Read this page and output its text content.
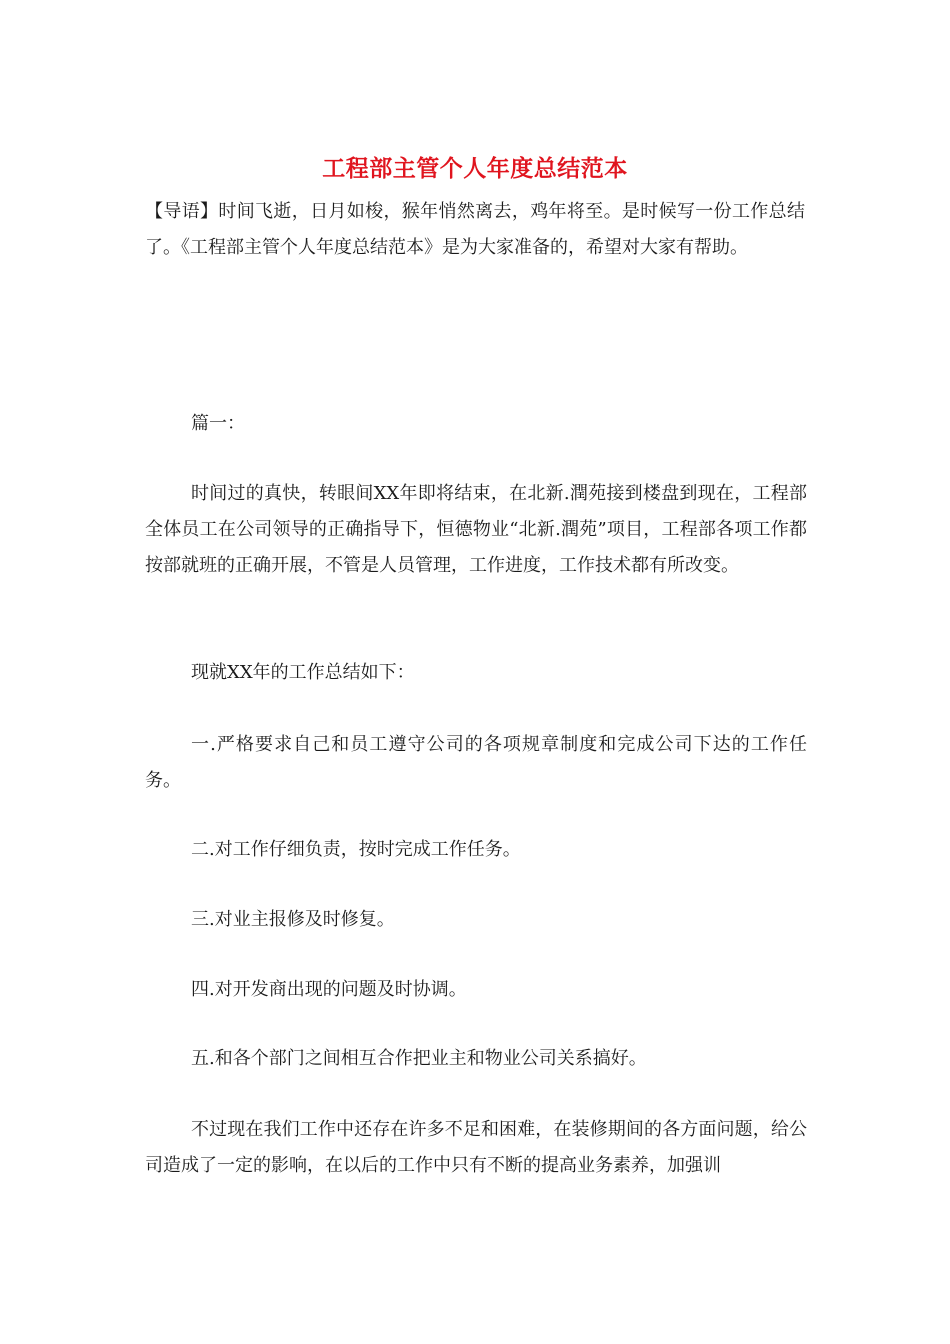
工程部主管个人年度总结范本
【导语】时间飞逝，日月如梭，猴年悄然离去，鸡年将至。是时候写一份工作总结了。《工程部主管个人年度总结范本》是为大家准备的，希望对大家有帮助。

篇一：

时间过的真快，转眼间XX年即将结束，在北新.潤苑接到楼盘到现在，工程部全体员工在公司领导的正确指导下，恒德物业“北新.潤苑”项目，工程部各项工作都按部就班的正确开展，不管是人员管理，工作进度，工作技术都有所改变。

现就XX年的工作总结如下：

一.严格要求自己和员工遵守公司的各项规章制度和完成公司下达的工作任务。

二.对工作仔细负责，按时完成工作任务。

三.对业主报修及时修复。

四.对开发商出现的问题及时协调。

五.和各个部门之间相互合作把业主和物业公司关系搞好。

不过现在我们工作中还存在许多不足和困难，在装修期间的各方面问题，给公司造成了一定的影响，在以后的工作中只有不断的提高业务素养，加强训
